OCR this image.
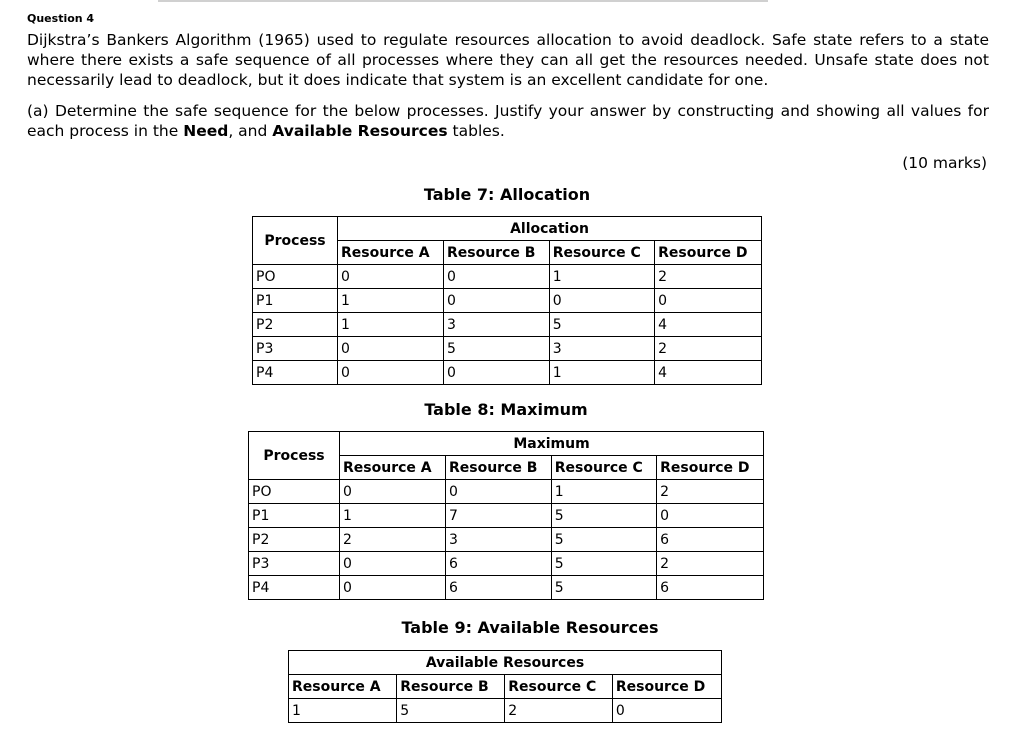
Question 4
Dijkstra’s Bankers Algorithm (1965) used to regulate resources allocation to avoid deadlock. Safe state refers to a state where there exists a safe sequence of all processes where they can all get the resources needed. Unsafe state does not necessarily lead to deadlock, but it does indicate that system is an excellent candidate for one.
(a) Determine the safe sequence for the below processes. Justify your answer by constructing and showing all values for each process in the Need, and Available Resources tables.
(10 marks)
Table 7: Allocation
Process	Allocation			
	Resource A	Resource B	Resource C	Resource D
PO	0	0	1	2
P1	1	0	0	0
P2	1	3	5	4
P3	0	5	3	2
P4	0	0	1	4
Table 8: Maximum
Process	Maximum			
	Resource A	Resource B	Resource C	Resource D
PO	0	0	1	2
P1	1	7	5	0
P2	2	3	5	6
P3	0	6	5	2
P4	0	6	5	6
Table 9: Available Resources
Available Resources			
Resource A	Resource B	Resource C	Resource D
1	5	2	0
